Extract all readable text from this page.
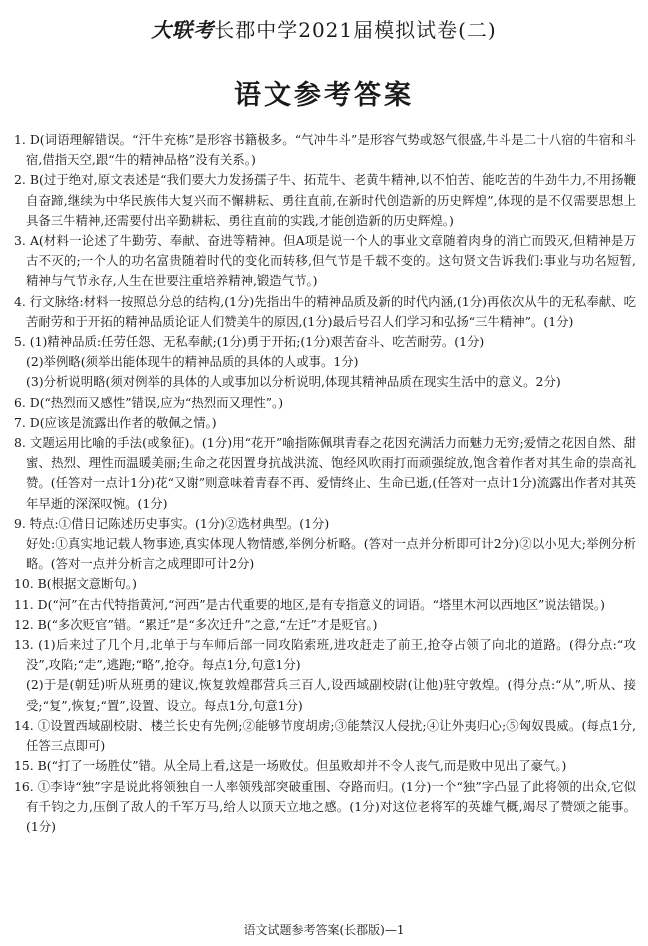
大联考长郡中学2021届模拟试卷(二)
语文参考答案
1. D(词语理解错误。“汗牛充栋”是形容书籍极多。“气冲牛斗”是形容气势或怒气很盛,牛斗是二十八宿的牛宿和斗宿,借指天空,跟“牛的精神品格”没有关系。)
2. B(过于绝对,原文表述是“我们要大力发扬孺子牛、拓荒牛、老黄牛精神,以不怕苦、能吃苦的牛劲牛力,不用扬鞭自奋蹄,继续为中华民族伟大复兴而不懈耕耘、勇往直前,在新时代创造新的历史辉煌”,体现的是不仅需要思想上具备三牛精神,还需要付出辛勤耕耘、勇往直前的实践,才能创造新的历史辉煌。)
3. A(材料一论述了牛勤劳、奉献、奋进等精神。但A项是说一个人的事业文章随着肉身的消亡而毁灭,但精神是万古不灭的;一个人的功名富贵随着时代的变化而转移,但气节是千载不变的。这句贤文告诉我们:事业与功名短暂,精神与气节永存,人生在世要注重培养精神,锻造气节。)
4. 行文脉络:材料一按照总分总的结构,(1分)先指出牛的精神品质及新的时代内涵,(1分)再依次从牛的无私奉献、吃苦耐劳和于开拓的精神品质论证人们赞美牛的原因,(1分)最后号召人们学习和弘扬“三牛精神”。(1分)
5. (1)精神品质:任劳任怨、无私奉献;(1分)勇于开拓;(1分)艰苦奋斗、吃苦耐劳。(1分)
(2)举例略(须举出能体现牛的精神品质的具体的人或事。1分)
(3)分析说明略(须对例举的具体的人或事加以分析说明,体现其精神品质在现实生活中的意义。2分)
6. D(“热烈而又感性”错误,应为“热烈而又理性”。)
7. D(应该是流露出作者的敬佩之情。)
8. 文题运用比喻的手法(或象征)。(1分)用“花开”喻指陈佩琪青春之花因充满活力而魅力无穷;爱情之花因自然、甜蜜、热烈、理性而温暖美丽;生命之花因置身抗战洪流、饱经风吹雨打而顽强绽放,饱含着作者对其生命的崇高礼赞。(任答对一点计1分)花“又谢”则意味着青春不再、爱情终止、生命已逝,(任答对一点计1分)流露出作者对其英年早逝的深深叹惋。(1分)
9. 特点:①借日记陈述历史事实。(1分)②选材典型。(1分)
好处:①真实地记载人物事迹,真实体现人物情感,举例分析略。(答对一点并分析即可计2分)②以小见大;举例分析略。(答对一点并分析言之成理即可计2分)
10. B(根据文意断句。)
11. D(“河”在古代特指黄河,“河西”是古代重要的地区,是有专指意义的词语。“塔里木河以西地区”说法错误。)
12. B(“多次贬官”错。“累迁”是“多次迁升”之意,“左迁”才是贬官。)
13. (1)后来过了几个月,北单于与车师后部一同攻陷索班,进攻赶走了前王,抢夺占领了向北的道路。(得分点:“攻没”,攻陷;“走”,逃跑;“略”,抢夺。每点1分,句意1分)
(2)于是(朝廷)听从班勇的建议,恢复敦煌郡营兵三百人,设西域副校尉(让他)驻守敦煌。(得分点:“从”,听从、接受;“复”,恢复;“置”,设置、设立。每点1分,句意1分)
14. ①设置西域副校尉、楼兰长史有先例;②能够节度胡虏;③能禁汉人侵扰;④让外夷归心;⑤匈奴畏威。(每点1分,任答三点即可)
15. B(“打了一场胜仗”错。从全局上看,这是一场败仗。但虽败却并不令人丧气,而是败中见出了豪气。)
16. ①李诗“独”字是说此将领独自一人率领残部突破重围、夺路而归。(1分)一个“独”字凸显了此将领的出众,它似有千钧之力,压倒了敌人的千军万马,给人以顶天立地之感。(1分)对这位老将军的英雄气概,竭尽了赞颂之能事。(1分)
语文试题参考答案(长郡版)—1
